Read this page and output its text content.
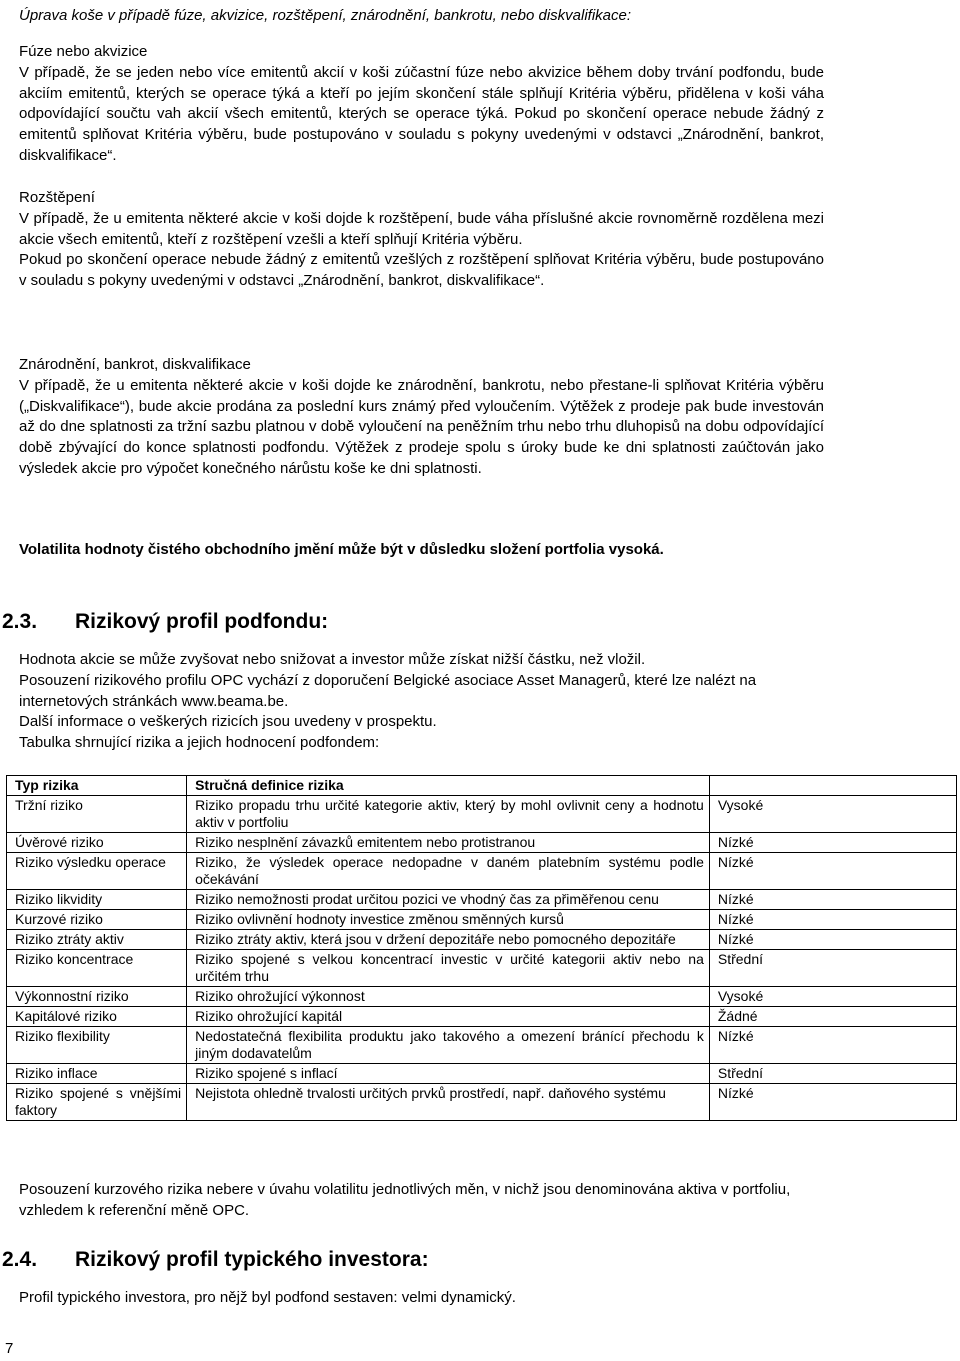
Úprava koše v případě fúze, akvizice, rozštěpení, znárodnění, bankrotu, nebo diskvalifikace:

Fúze nebo akvizice

V případě, že se jeden nebo více emitentů akcií v koši zúčastní fúze nebo akvizice během doby trvání podfondu, bude akciím emitentů, kterých se operace týká a kteří po jejím skončení stále splňují Kritéria výběru, přidělena v koši váha odpovídající součtu vah akcií všech emitentů, kterých se operace týká. Pokud po skončení operace nebude žádný z emitentů splňovat Kritéria výběru, bude postupováno v souladu s pokyny uvedenými v odstavci „Znárodnění, bankrot, diskvalifikace“.

Rozštěpení

V případě, že u emitenta některé akcie v koši dojde k rozštěpení, bude váha příslušné akcie rovnoměrně rozdělena mezi akcie všech emitentů, kteří z rozštěpení vzešli a kteří splňují Kritéria výběru.

Pokud po skončení operace nebude žádný z emitentů vzešlých z rozštěpení splňovat Kritéria výběru, bude postupováno v souladu s pokyny uvedenými v odstavci „Znárodnění, bankrot, diskvalifikace“.

Znárodnění, bankrot, diskvalifikace

V případě, že u emitenta některé akcie v koši dojde ke znárodnění, bankrotu, nebo přestane-li splňovat Kritéria výběru („Diskvalifikace“), bude akcie prodána za poslední kurs známý před vyloučením. Výtěžek z prodeje pak bude investován až do dne splatnosti za tržní sazbu platnou v době vyloučení na peněžním trhu nebo trhu dluhopisů na dobu odpovídající době zbývající do konce splatnosti podfondu. Výtěžek z prodeje spolu s úroky bude ke dni splatnosti zaúčtován jako výsledek akcie pro výpočet konečného nárůstu koše ke dni splatnosti.

Volatilita hodnoty čistého obchodního jmění může být v důsledku složení portfolia vysoká.
2.3.	Rizikový profil podfondu:

Hodnota akcie se může zvyšovat nebo snižovat a investor může získat nižší částku, než vložil.

Posouzení rizikového profilu OPC vychází z doporučení Belgické asociace Asset Managerů, které lze nalézt na internetových stránkách www.beama.be.

Další informace o veškerých rizicích jsou uvedeny v prospektu.

Tabulka shrnující rizika a jejich hodnocení podfondem:

Typ rizika	Stručná definice rizika	
Tržní riziko	Riziko propadu trhu určité kategorie aktiv, který by mohl ovlivnit ceny a hodnotu aktiv v portfoliu	Vysoké
Úvěrové riziko	Riziko nesplnění závazků emitentem nebo protistranou	Nízké
Riziko výsledku operace	Riziko, že výsledek operace nedopadne v daném platebním systému podle očekávání	Nízké
Riziko likvidity	Riziko nemožnosti prodat určitou pozici ve vhodný čas za přiměřenou cenu	Nízké
Kurzové riziko	Riziko ovlivnění hodnoty investice změnou směnných kursů	Nízké
Riziko ztráty aktiv	Riziko ztráty aktiv, která jsou v držení depozitáře nebo pomocného depozitáře	Nízké
Riziko koncentrace	Riziko spojené s velkou koncentrací investic v určité kategorii aktiv nebo na určitém trhu	Střední
Výkonnostní riziko	Riziko ohrožující výkonnost	Vysoké
Kapitálové riziko	Riziko ohrožující kapitál	Žádné
Riziko flexibility	Nedostatečná flexibilita produktu jako takového a omezení bránící přechodu k jiným dodavatelům	Nízké
Riziko inflace	Riziko spojené s inflací	Střední
Riziko spojené s vnějšími faktory	Nejistota ohledně trvalosti určitých prvků prostředí, např. daňového systému	Nízké

Posouzení kurzového rizika nebere v úvahu volatilitu jednotlivých měn, v nichž jsou denominována aktiva v portfoliu, vzhledem k referenční měně OPC.

2.4.	Rizikový profil typického investora:

Profil typického investora, pro nějž byl podfond sestaven: velmi dynamický.

7
